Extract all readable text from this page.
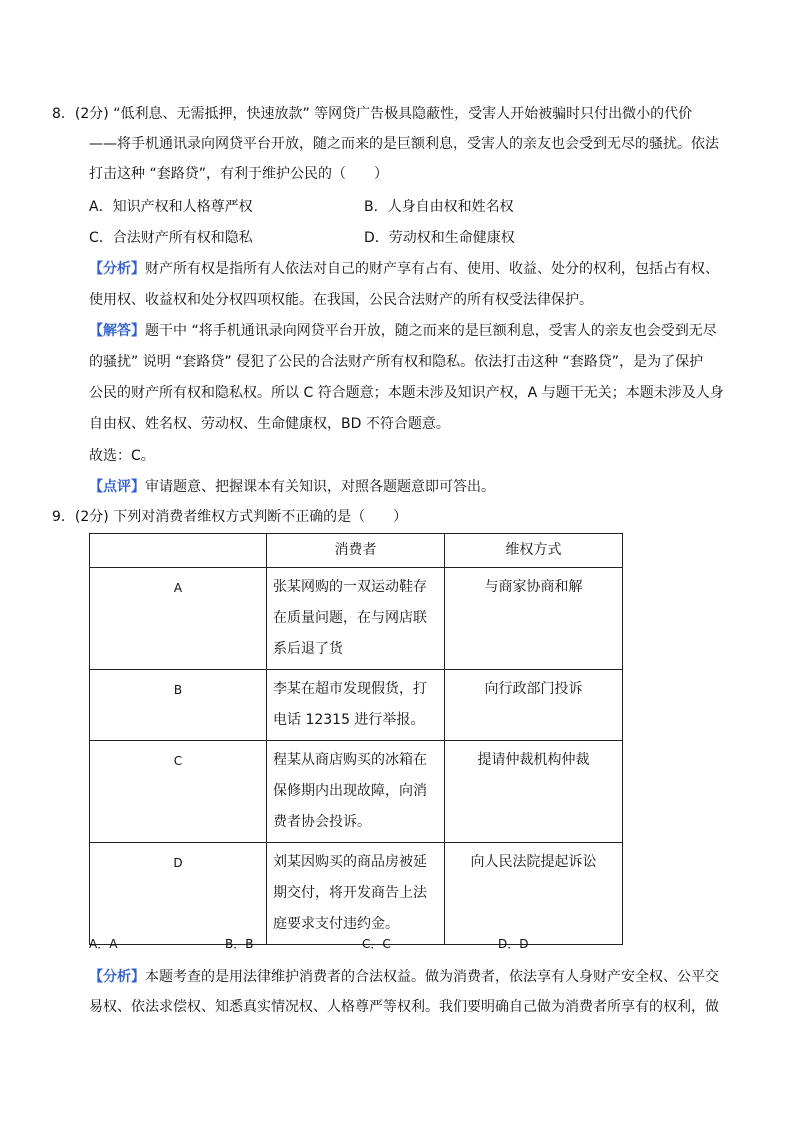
8．(2分) “低利息、无需抵押，快速放款” 等网贷广告极具隐蔽性，受害人开始被骗时只付出微小的代价
——将手机通讯录向网贷平台开放，随之而来的是巨额利息，受害人的亲友也会受到无尽的骚扰。依法
打击这种 “套路贷”，有利于维护公民的（　　）
A．知识产权和人格尊严权	B．人身自由权和姓名权
C．合法财产所有权和隐私	D．劳动权和生命健康权
【分析】财产所有权是指所有人依法对自己的财产享有占有、使用、收益、处分的权利，包括占有权、
使用权、收益权和处分权四项权能。在我国，公民合法财产的所有权受法律保护。
【解答】题干中 “将手机通讯录向网贷平台开放，随之而来的是巨额利息，受害人的亲友也会受到无尽
的骚扰” 说明 “套路贷” 侵犯了公民的合法财产所有权和隐私。依法打击这种 “套路贷”，是为了保护
公民的财产所有权和隐私权。所以 C 符合题意；本题未涉及知识产权，A 与题干无关；本题未涉及人身
自由权、姓名权、劳动权、生命健康权，BD 不符合题意。
故选：C。
【点评】审请题意、把握课本有关知识，对照各题题意即可答出。
9．(2分) 下列对消费者维权方式判断不正确的是（　　）
	消费者	维权方式
A	张某网购的一双运动鞋存在质量问题，在与网店联系后退了货	与商家协商和解
B	李某在超市发现假货，打电话 12315 进行举报。	向行政部门投诉
C	程某从商店购买的冰箱在保修期内出现故障，向消费者协会投诉。	提请仲裁机构仲裁
D	刘某因购买的商品房被延期交付，将开发商告上法庭要求支付违约金。	向人民法院提起诉讼
A．A	B．B	C．C	D．D
【分析】本题考查的是用法律维护消费者的合法权益。做为消费者，依法享有人身财产安全权、公平交
易权、依法求偿权、知悉真实情况权、人格尊严等权利。我们要明确自己做为消费者所享有的权利，做
